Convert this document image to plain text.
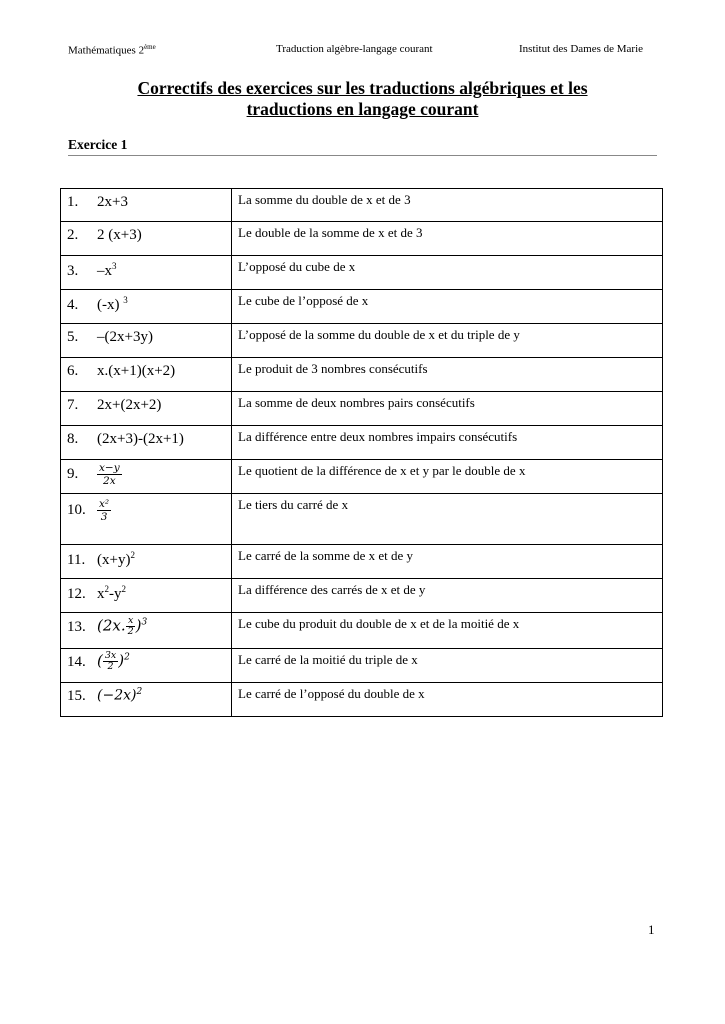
Mathématiques 2ème	Traduction algèbre-langage courant	Institut des Dames de Marie
Correctifs des exercices sur les traductions algébriques et les
traductions en langage courant
Exercice 1
1. 2x+3	La somme du double de x et de 3
2. 2 (x+3)	Le double de la somme de x et de 3
3. $-x^3$	L’opposé du cube de x
4. (-x) $^3$	Le cube de l’opposé de x
5. –(2x+3y)	L’opposé de la somme du double de x et du triple de y
6. x.(x+1)(x+2)	Le produit de 3 nombres consécutifs
7. 2x+(2x+2)	La somme de deux nombres pairs consécutifs
8. (2x+3)-(2x+1)	La différence entre deux nombres impairs consécutifs
9. $\frac{x-y}{2x}$	Le quotient de la différence de x et y par le double de x
10. $\frac{\text{x²}}{3}$	Le tiers du carré de x
11. $(x+y)^2$	Le carré de la somme de x et de y
12. $x^2-y^2$	La différence des carrés de x et de y
13. (2x. $\frac{x}{2} )^3$	Le cube du produit du double de x et de la moitié de x
14. ( $\frac{3x}{2} )^2$	Le carré de la moitié du triple de x
15. $(-2x)^2$	Le carré de l’opposé du double de x
1
